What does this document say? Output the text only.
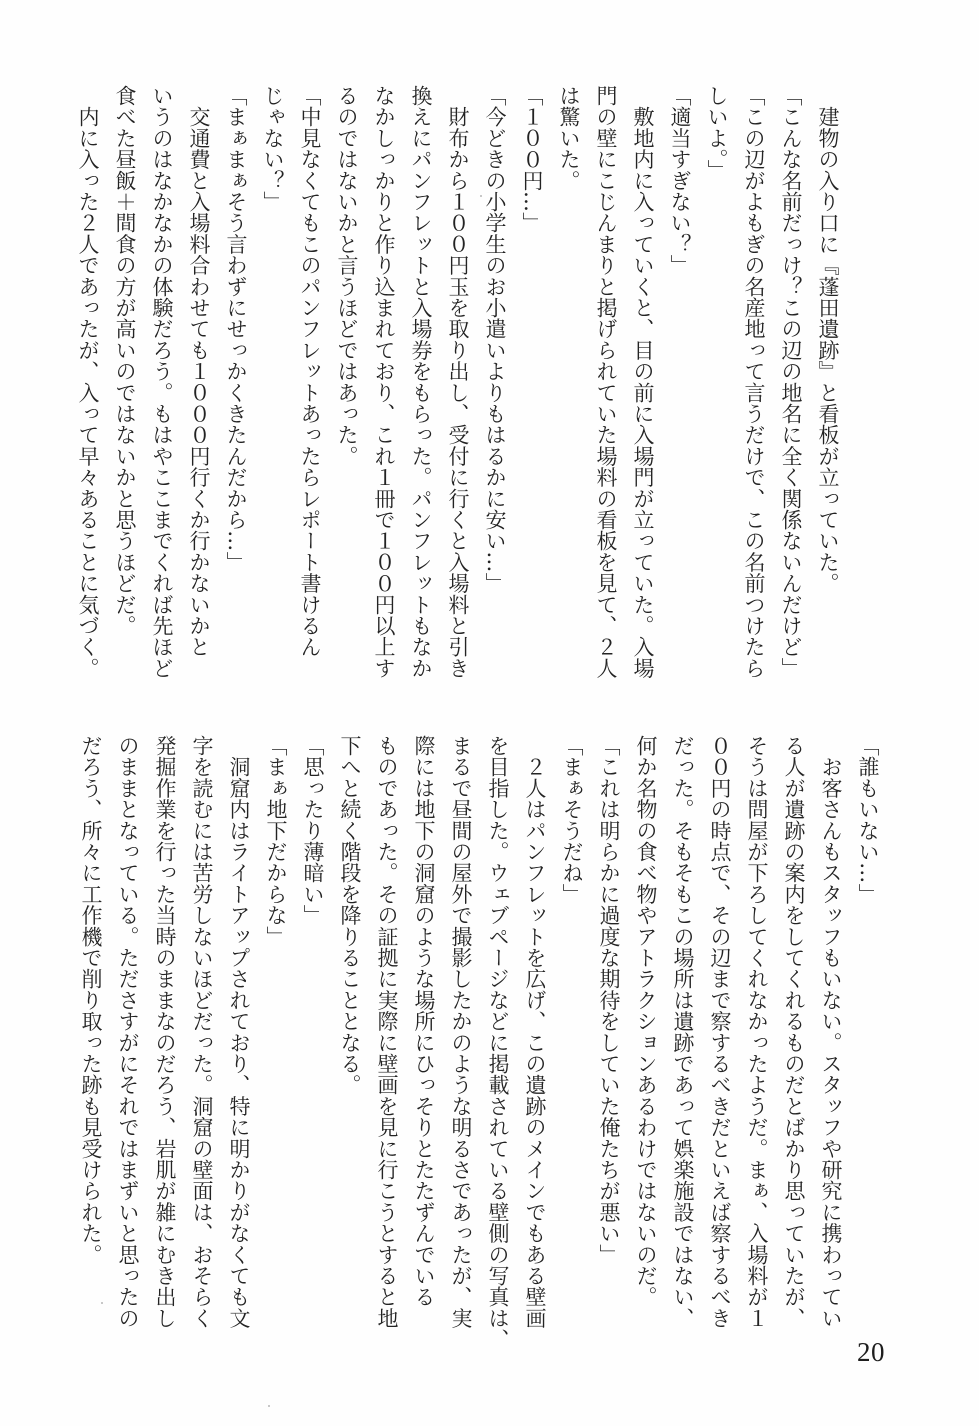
　建物の入り口に『蓬田遺跡』と看板が立っていた。
「こんな名前だっけ？この辺の地名に全く関係ないんだけど」
「この辺がよもぎの名産地って言うだけで、この名前つけたら
しいよ。」
「適当すぎない？」
　敷地内に入っていくと、目の前に入場門が立っていた。入場
門の壁にこじんまりと掲げられていた場料の看板を見て、２人
は驚いた。
「１００円…」
「今どきの小学生のお小遣いよりもはるかに安い…」
　財布から１００円玉を取り出し、受付に行くと入場料と引き
換えにパンフレットと入場券をもらった。パンフレットもなか
なかしっかりと作り込まれており、これ１冊で１００円以上す
るのではないかと言うほどではあった。
「中見なくてもこのパンフレットあったらレポート書けるん
じゃない？」
「まぁまぁそう言わずにせっかくきたんだから…」
　交通費と入場料合わせても１０００円行くか行かないかと
いうのはなかなかの体験だろう。もはやここまでくれば先ほど
食べた昼飯＋間食の方が高いのではないかと思うほどだ。
　内に入った２人であったが、入って早々あることに気づく。
「誰もいない…」
　お客さんもスタッフもいない。スタッフや研究に携わってい
る人が遺跡の案内をしてくれるものだとばかり思っていたが、
そうは問屋が下ろしてくれなかったようだ。まぁ、入場料が１
００円の時点で、その辺まで察するべきだといえば察するべき
だった。そもそもこの場所は遺跡であって娯楽施設ではない、
何か名物の食べ物やアトラクションあるわけではないのだ。
「これは明らかに過度な期待をしていた俺たちが悪い」
「まぁそうだね」
　２人はパンフレットを広げ、この遺跡のメインでもある壁画
を目指した。ウェブページなどに掲載されている壁側の写真は、
まるで昼間の屋外で撮影したかのような明るさであったが、実
際には地下の洞窟のような場所にひっそりとたたずんでいる
ものであった。その証拠に実際に壁画を見に行こうとすると地
下へと続く階段を降りることとなる。
「思ったり薄暗い」
「まぁ地下だからな」
　洞窟内はライトアップされており、特に明かりがなくても文
字を読むには苦労しないほどだった。洞窟の壁面は、おそらく
発掘作業を行った当時のままなのだろう、岩肌が雑にむき出し
のままとなっている。たださすがにそれではまずいと思ったの
だろう、所々に工作機で削り取った跡も見受けられた。
20
